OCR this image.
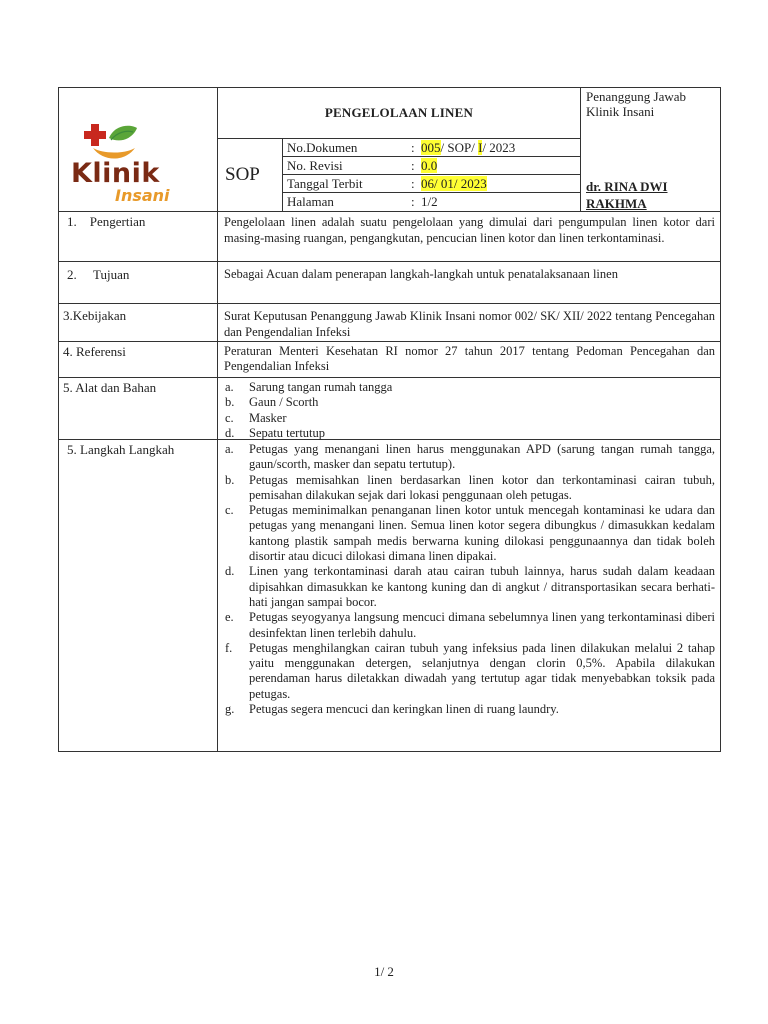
Klinik
Insani
PENGELOLAAN LINEN
SOP
No.Dokumen	: 005/ SOP/ I/ 2023
No. Revisi	: 0.0
Tanggal Terbit	: 06/ 01/ 2023
Halaman	: 1/2
Penanggung Jawab Klinik Insani
dr. RINA DWI
RAKHMA
1.    Pengertian	Pengelolaan linen adalah suatu pengelolaan yang dimulai dari pengumpulan linen kotor dari masing-masing ruangan, pengangkutan, pencucian linen kotor dan linen terkontaminasi.
2.     Tujuan	Sebagai Acuan dalam penerapan langkah-langkah untuk penatalaksanaan linen
3.Kebijakan	Surat Keputusan Penanggung Jawab Klinik Insani nomor 002/ SK/ XII/ 2022 tentang Pencegahan dan Pengendalian Infeksi
4. Referensi	Peraturan Menteri Kesehatan RI nomor 27 tahun 2017 tentang Pedoman Pencegahan dan Pengendalian Infeksi
5. Alat dan Bahan	a. Sarung tangan rumah tangga
b. Gaun / Scorth
c. Masker
d. Sepatu tertutup
5. Langkah Langkah	a. Petugas yang menangani linen harus menggunakan APD (sarung tangan rumah tangga, gaun/scorth, masker dan sepatu tertutup).
b. Petugas memisahkan linen berdasarkan linen kotor dan terkontaminasi cairan tubuh, pemisahan dilakukan sejak dari lokasi penggunaan oleh petugas.
c. Petugas meminimalkan penanganan linen kotor untuk mencegah kontaminasi ke udara dan petugas yang menangani linen. Semua linen kotor segera dibungkus / dimasukkan kedalam kantong plastik sampah medis berwarna kuning dilokasi penggunaannya dan tidak boleh disortir atau dicuci dilokasi dimana linen dipakai.
d. Linen yang terkontaminasi darah atau cairan tubuh lainnya, harus sudah dalam keadaan dipisahkan dimasukkan ke kantong kuning dan di angkut / ditransportasikan secara berhati-hati jangan sampai bocor.
e. Petugas seyogyanya langsung mencuci dimana sebelumnya linen yang terkontaminasi diberi desinfektan linen terlebih dahulu.
f. Petugas menghilangkan cairan tubuh yang infeksius pada linen dilakukan melalui 2 tahap yaitu menggunakan detergen, selanjutnya dengan clorin 0,5%. Apabila dilakukan perendaman harus diletakkan diwadah yang tertutup agar tidak menyebabkan toksik pada petugas.
g. Petugas segera mencuci dan keringkan linen di ruang laundry.
1/ 2
